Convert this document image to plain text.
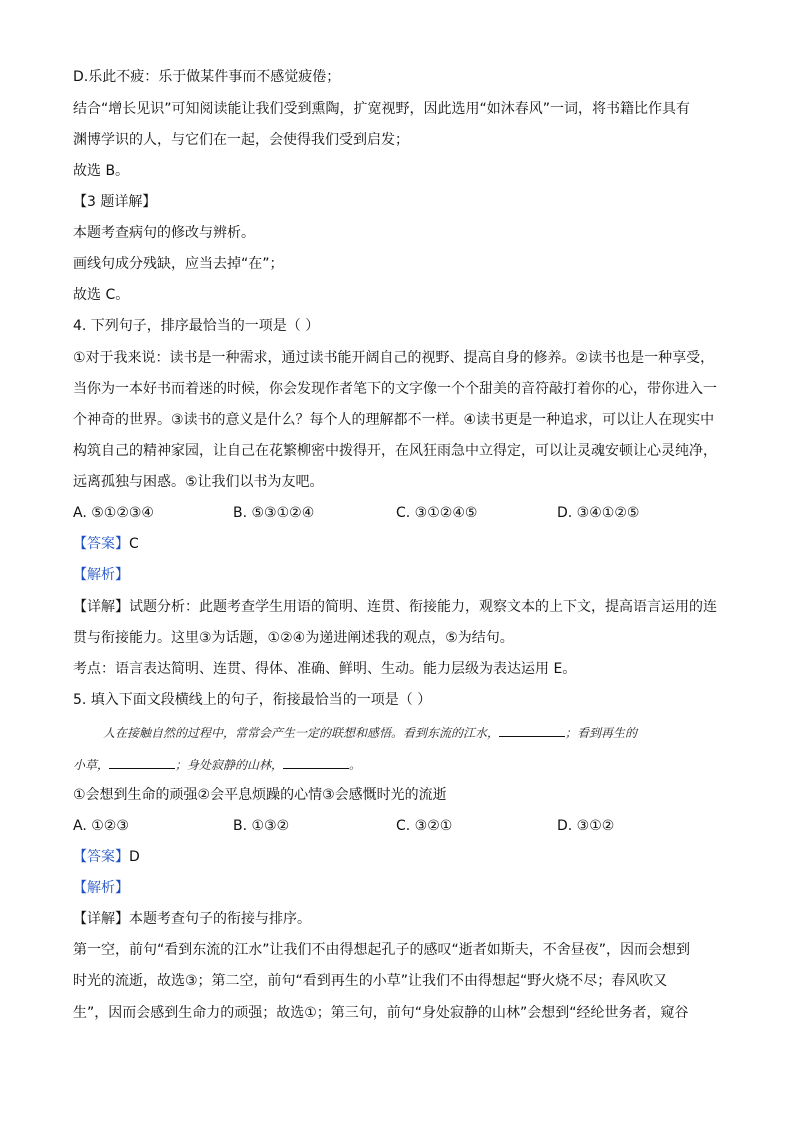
D.乐此不疲：乐于做某件事而不感觉疲倦；
结合“增长见识”可知阅读能让我们受到熏陶，扩宽视野，因此选用“如沐春风”一词，将书籍比作具有
渊博学识的人，与它们在一起，会使得我们受到启发；
故选 B。
【3 题详解】
本题考查病句的修改与辨析。
画线句成分残缺，应当去掉“在”；
故选 C。
4. 下列句子，排序最恰当的一项是（ ）
①对于我来说：读书是一种需求，通过读书能开阔自己的视野、提高自身的修养。②读书也是一种享受，
当你为一本好书而着迷的时候，你会发现作者笔下的文字像一个个甜美的音符敲打着你的心，带你进入一
个神奇的世界。③读书的意义是什么？每个人的理解都不一样。④读书更是一种追求，可以让人在现实中
构筑自己的精神家园，让自己在花繁柳密中拨得开，在风狂雨急中立得定，可以让灵魂安顿让心灵纯净，
远离孤独与困惑。⑤让我们以书为友吧。
A. ⑤①②③④	B. ⑤③①②④	C. ③①②④⑤	D. ③④①②⑤
【答案】C
【解析】
【详解】试题分析：此题考查学生用语的简明、连贯、衔接能力，观察文本的上下文，提高语言运用的连
贯与衔接能力。这里③为话题，①②④为递进阐述我的观点，⑤为结句。
考点：语言表达简明、连贯、得体、准确、鲜明、生动。能力层级为表达运用 E。
5. 填入下面文段横线上的句子，衔接最恰当的一项是（ ）
人在接触自然的过程中，常常会产生一定的联想和感悟。看到东流的江水，	；看到再生的
小草，	；身处寂静的山林，	。
①会想到生命的顽强②会平息烦躁的心情③会感慨时光的流逝
A. ①②③	B. ①③②	C. ③②①	D. ③①②
【答案】D
【解析】
【详解】本题考查句子的衔接与排序。
第一空，前句“看到东流的江水”让我们不由得想起孔子的感叹“逝者如斯夫，不舍昼夜”，因而会想到
时光的流逝，故选③；第二空，前句“看到再生的小草”让我们不由得想起“野火烧不尽；春风吹又
生”，因而会感到生命力的顽强；故选①；第三句，前句“身处寂静的山林”会想到“经纶世务者，窥谷
